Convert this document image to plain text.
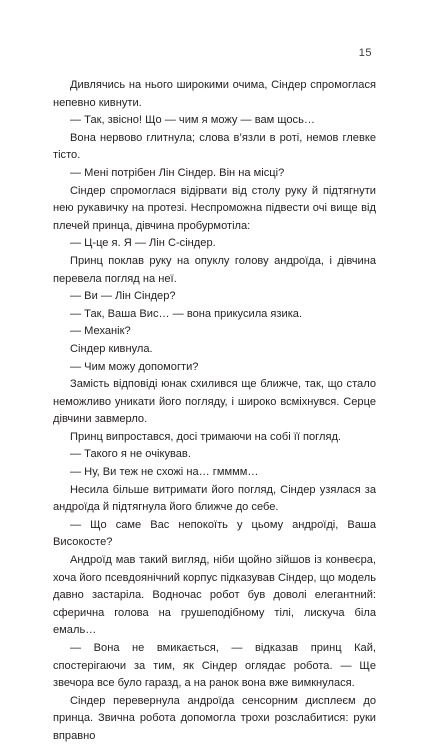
15

Дивлячись на нього широкими очима, Сіндер спромоглася непевно кивнути.

— Так, звісно! Що — чим я можу — вам щось…

Вона нервово глитнула; слова в’язли в роті, немов глевке тісто.

— Мені потрібен Лін Сіндер. Він на місці?

Сіндер спромоглася відірвати від столу руку й підтягнути нею рукавичку на протезі. Неспроможна підвести очі вище від плечей принца, дівчина пробурмотіла:

— Ц-це я. Я — Лін С-сіндер.

Принц поклав руку на опуклу голову андроїда, і дівчина перевела погляд на неї.

— Ви — Лін Сіндер?

— Так, Ваша Вис… — вона прикусила язика.

— Механік?

Сіндер кивнула.

— Чим можу допомогти?

Замість відповіді юнак схилився ще ближче, так, що стало неможливо уникати його погляду, і широко всміхнувся. Серце дівчини завмерло.

Принц випростався, досі тримаючи на собі її погляд.

— Такого я не очікував.

— Ну, Ви теж не схожі на… гмммм…

Несила більше витримати його погляд, Сіндер узялася за андроїда й підтягнула його ближче до себе.

— Що саме Вас непокоїть у цьому андроїді, Ваша Високосте?

Андроїд мав такий вигляд, ніби щойно зійшов із конвеєра, хоча його псевдоянічний корпус підказував Сіндер, що модель давно застаріла. Водночас робот був доволі елегантний: сферична голова на грушеподібному тілі, лискуча біла емаль…

— Вона не вмикається, — відказав принц Кай, спостерігаючи за тим, як Сіндер оглядає робота. — Ще звечора все було гаразд, а на ранок вона вже вимкнулася.

Сіндер перевернула андроїда сенсорним дисплеєм до принца. Звична робота допомогла трохи розслабитися: руки вправно
